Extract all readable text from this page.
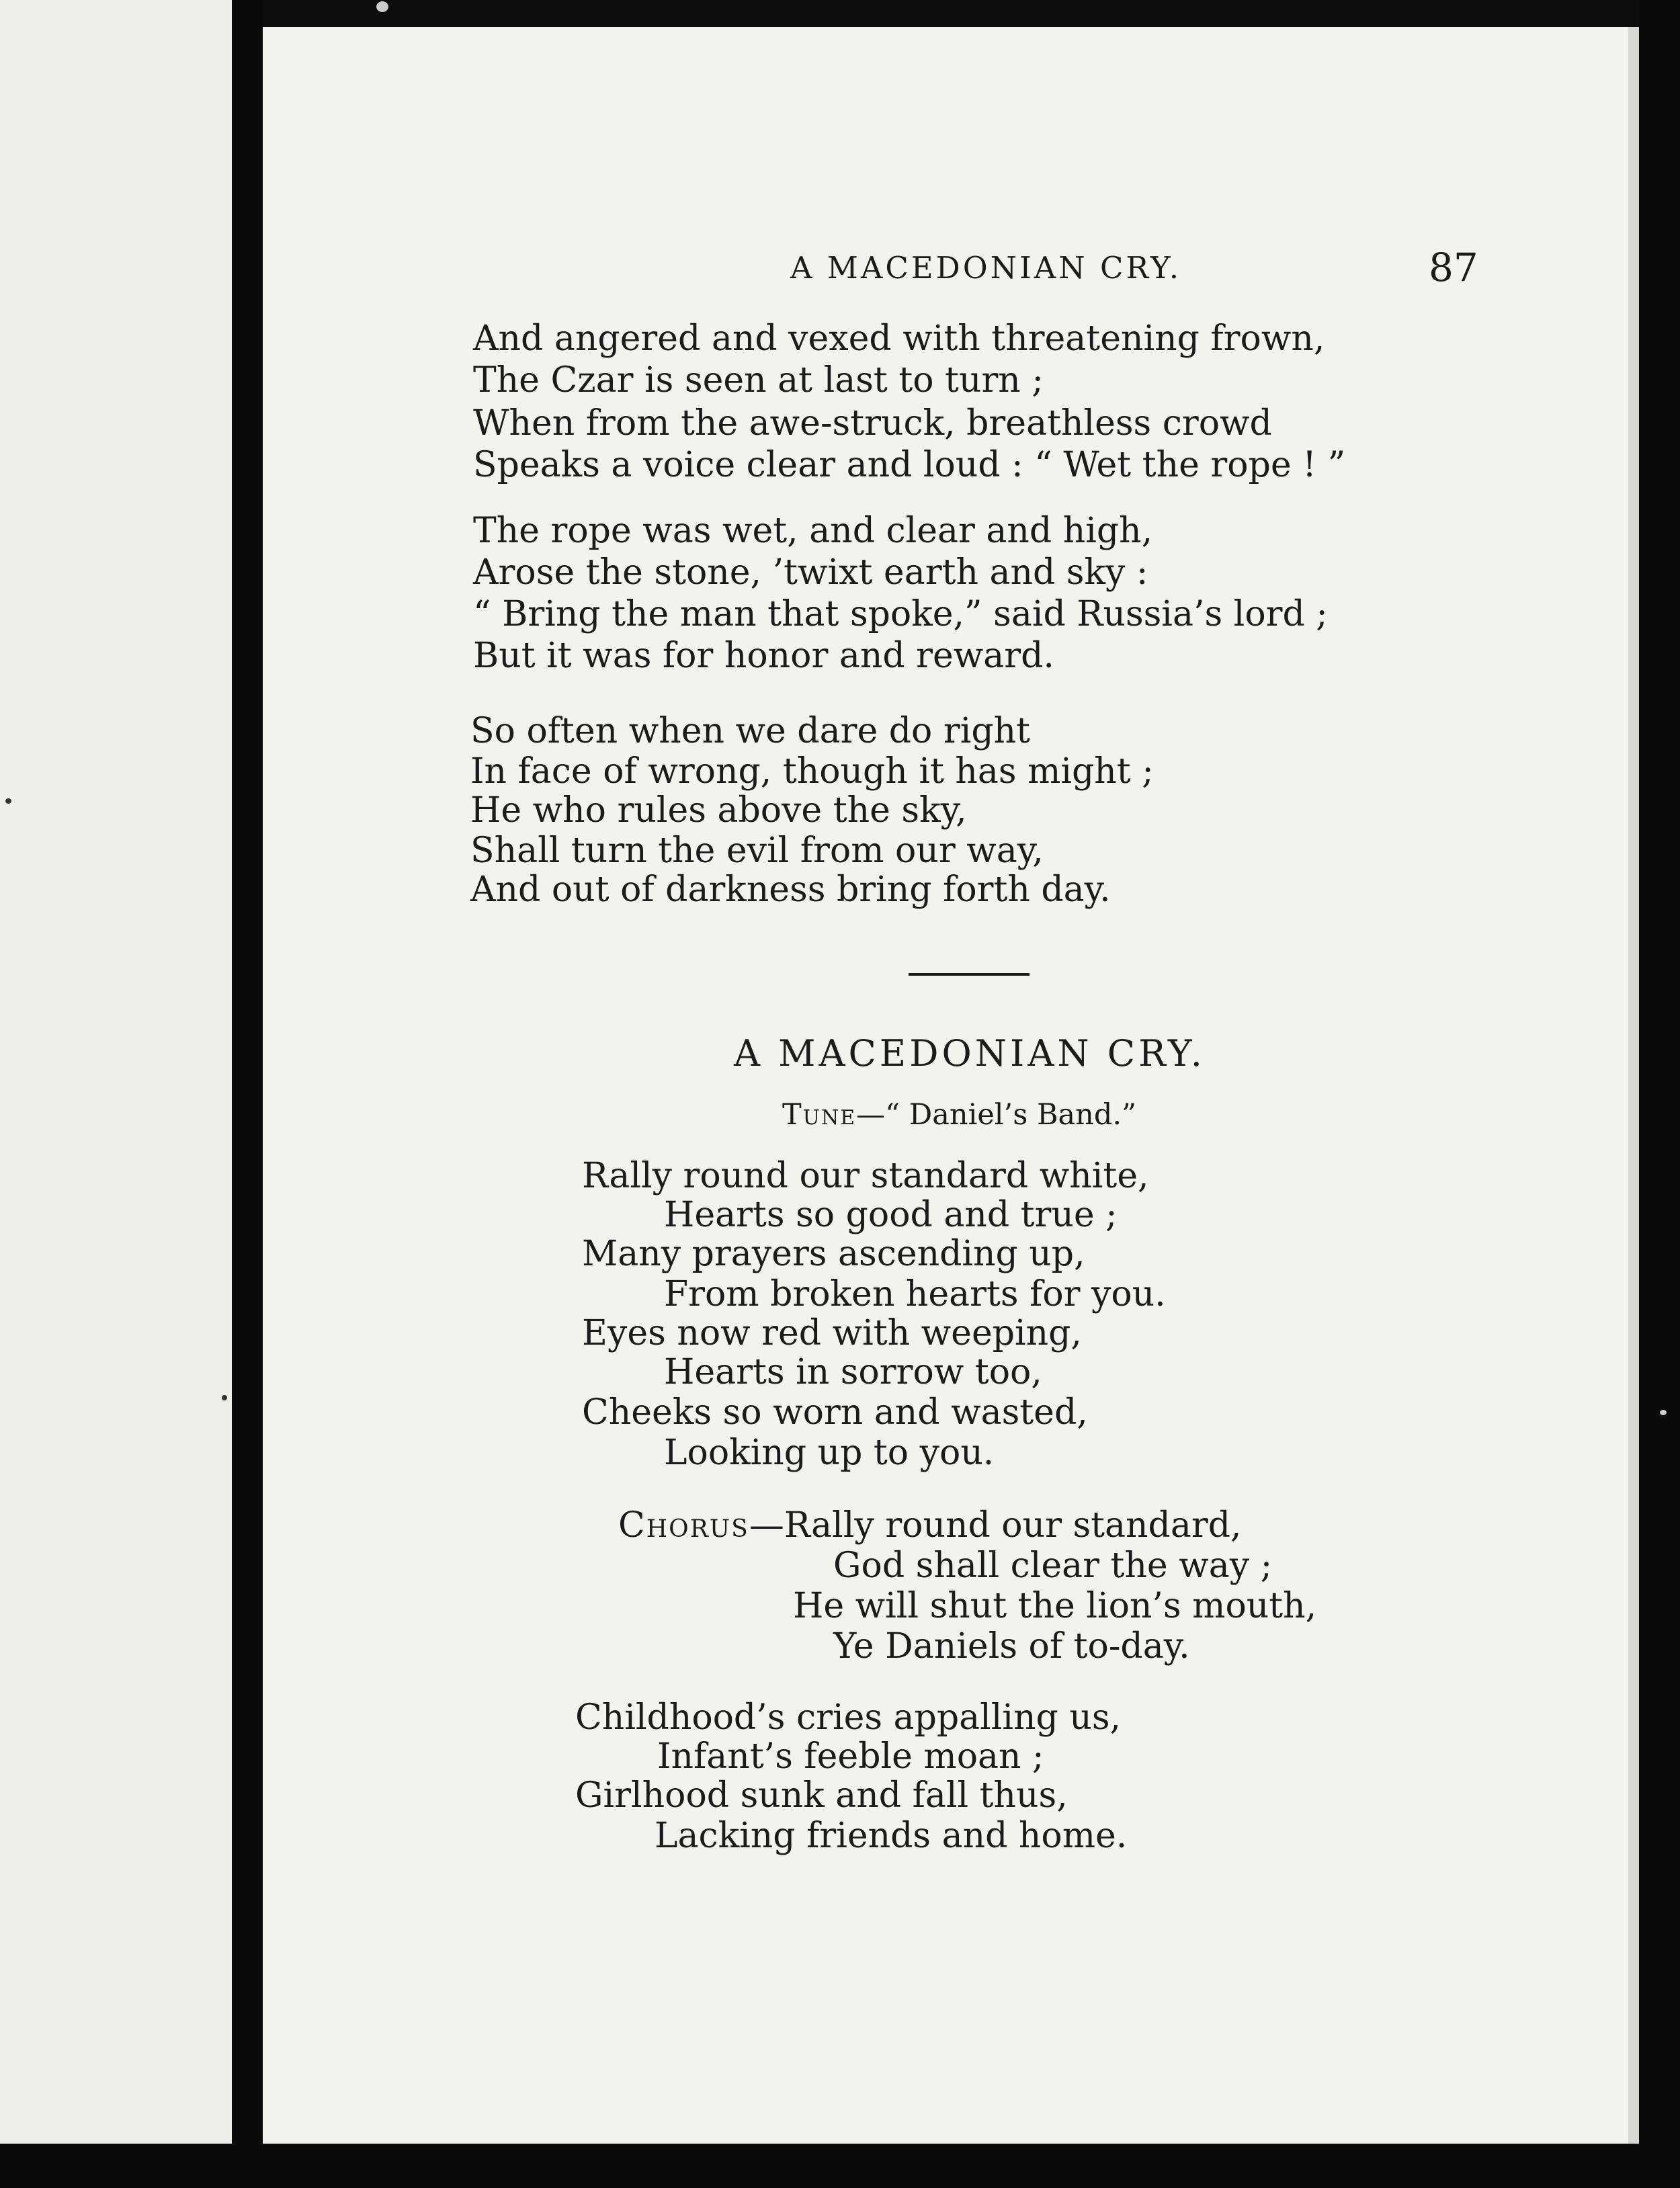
A MACEDONIAN CRY.	87
And angered and vexed with threatening frown,
The Czar is seen at last to turn ;
When from the awe-struck, breathless crowd
Speaks a voice clear and loud : “ Wet the rope ! ”
The rope was wet, and clear and high,
Arose the stone, ’twixt earth and sky :
“ Bring the man that spoke,” said Russia’s lord ;
But it was for honor and reward.
So often when we dare do right
In face of wrong, though it has might ;
He who rules above the sky,
Shall turn the evil from our way,
And out of darkness bring forth day.
A MACEDONIAN CRY.
Tune—“ Daniel’s Band.”
Rally round our standard white,
Hearts so good and true ;
Many prayers ascending up,
From broken hearts for you.
Eyes now red with weeping,
Hearts in sorrow too,
Cheeks so worn and wasted,
Looking up to you.
Chorus—Rally round our standard,
God shall clear the way ;
He will shut the lion’s mouth,
Ye Daniels of to-day.
Childhood’s cries appalling us,
Infant’s feeble moan ;
Girlhood sunk and fall thus,
Lacking friends and home.
